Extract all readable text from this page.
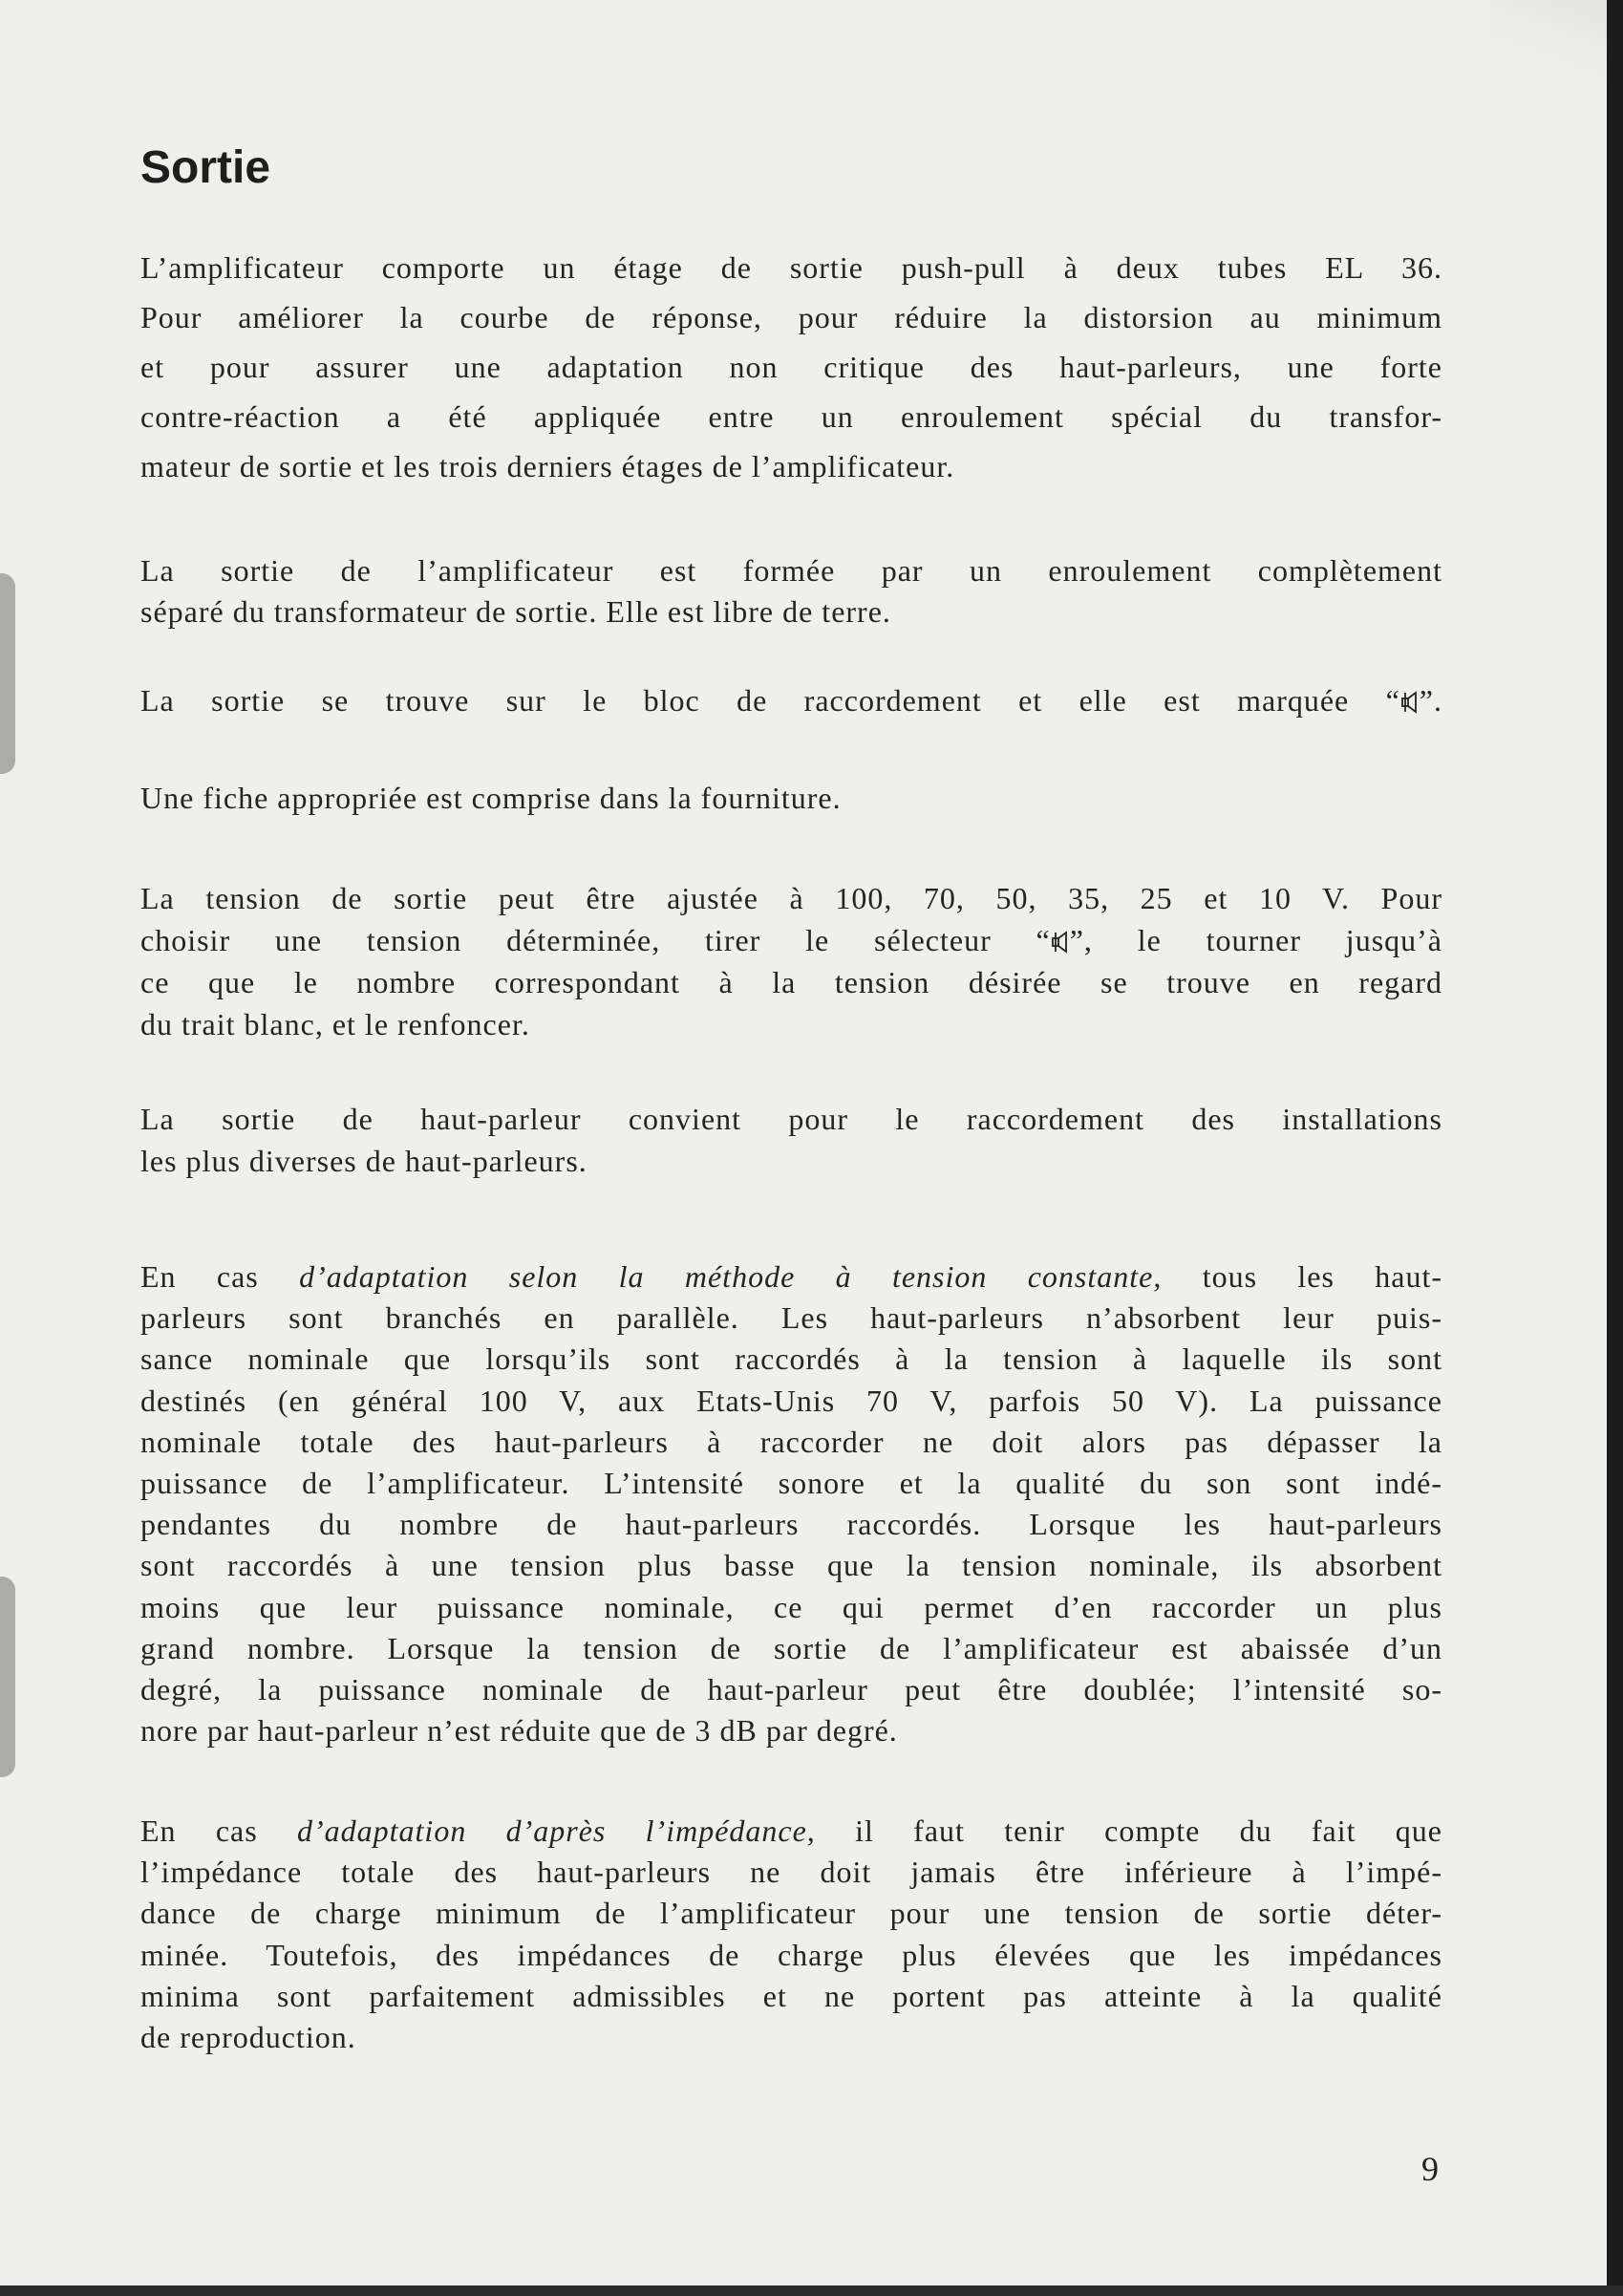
Sortie
L’amplificateur comporte un étage de sortie push-pull à deux tubes EL 36.
Pour améliorer la courbe de réponse, pour réduire la distorsion au minimum
et pour assurer une adaptation non critique des haut-parleurs, une forte
contre-réaction a été appliquée entre un enroulement spécial du transfor-
mateur de sortie et les trois derniers étages de l’amplificateur.
La sortie de l’amplificateur est formée par un enroulement complètement
séparé du transformateur de sortie. Elle est libre de terre.
La sortie se trouve sur le bloc de raccordement et elle est marquée “ ”.
Une fiche appropriée est comprise dans la fourniture.
La tension de sortie peut être ajustée à 100, 70, 50, 35, 25 et 10 V. Pour
choisir une tension déterminée, tirer le sélecteur “ ”, le tourner jusqu’à
ce que le nombre correspondant à la tension désirée se trouve en regard
du trait blanc, et le renfoncer.
La sortie de haut-parleur convient pour le raccordement des installations
les plus diverses de haut-parleurs.
En cas d’adaptation selon la méthode à tension constante, tous les haut-
parleurs sont branchés en parallèle. Les haut-parleurs n’absorbent leur puis-
sance nominale que lorsqu’ils sont raccordés à la tension à laquelle ils sont
destinés (en général 100 V, aux Etats-Unis 70 V, parfois 50 V). La puissance
nominale totale des haut-parleurs à raccorder ne doit alors pas dépasser la
puissance de l’amplificateur. L’intensité sonore et la qualité du son sont indé-
pendantes du nombre de haut-parleurs raccordés. Lorsque les haut-parleurs
sont raccordés à une tension plus basse que la tension nominale, ils absorbent
moins que leur puissance nominale, ce qui permet d’en raccorder un plus
grand nombre. Lorsque la tension de sortie de l’amplificateur est abaissée d’un
degré, la puissance nominale de haut-parleur peut être doublée; l’intensité so-
nore par haut-parleur n’est réduite que de 3 dB par degré.
En cas d’adaptation d’après l’impédance, il faut tenir compte du fait que
l’impédance totale des haut-parleurs ne doit jamais être inférieure à l’impé-
dance de charge minimum de l’amplificateur pour une tension de sortie déter-
minée. Toutefois, des impédances de charge plus élevées que les impédances
minima sont parfaitement admissibles et ne portent pas atteinte à la qualité
de reproduction.
9
